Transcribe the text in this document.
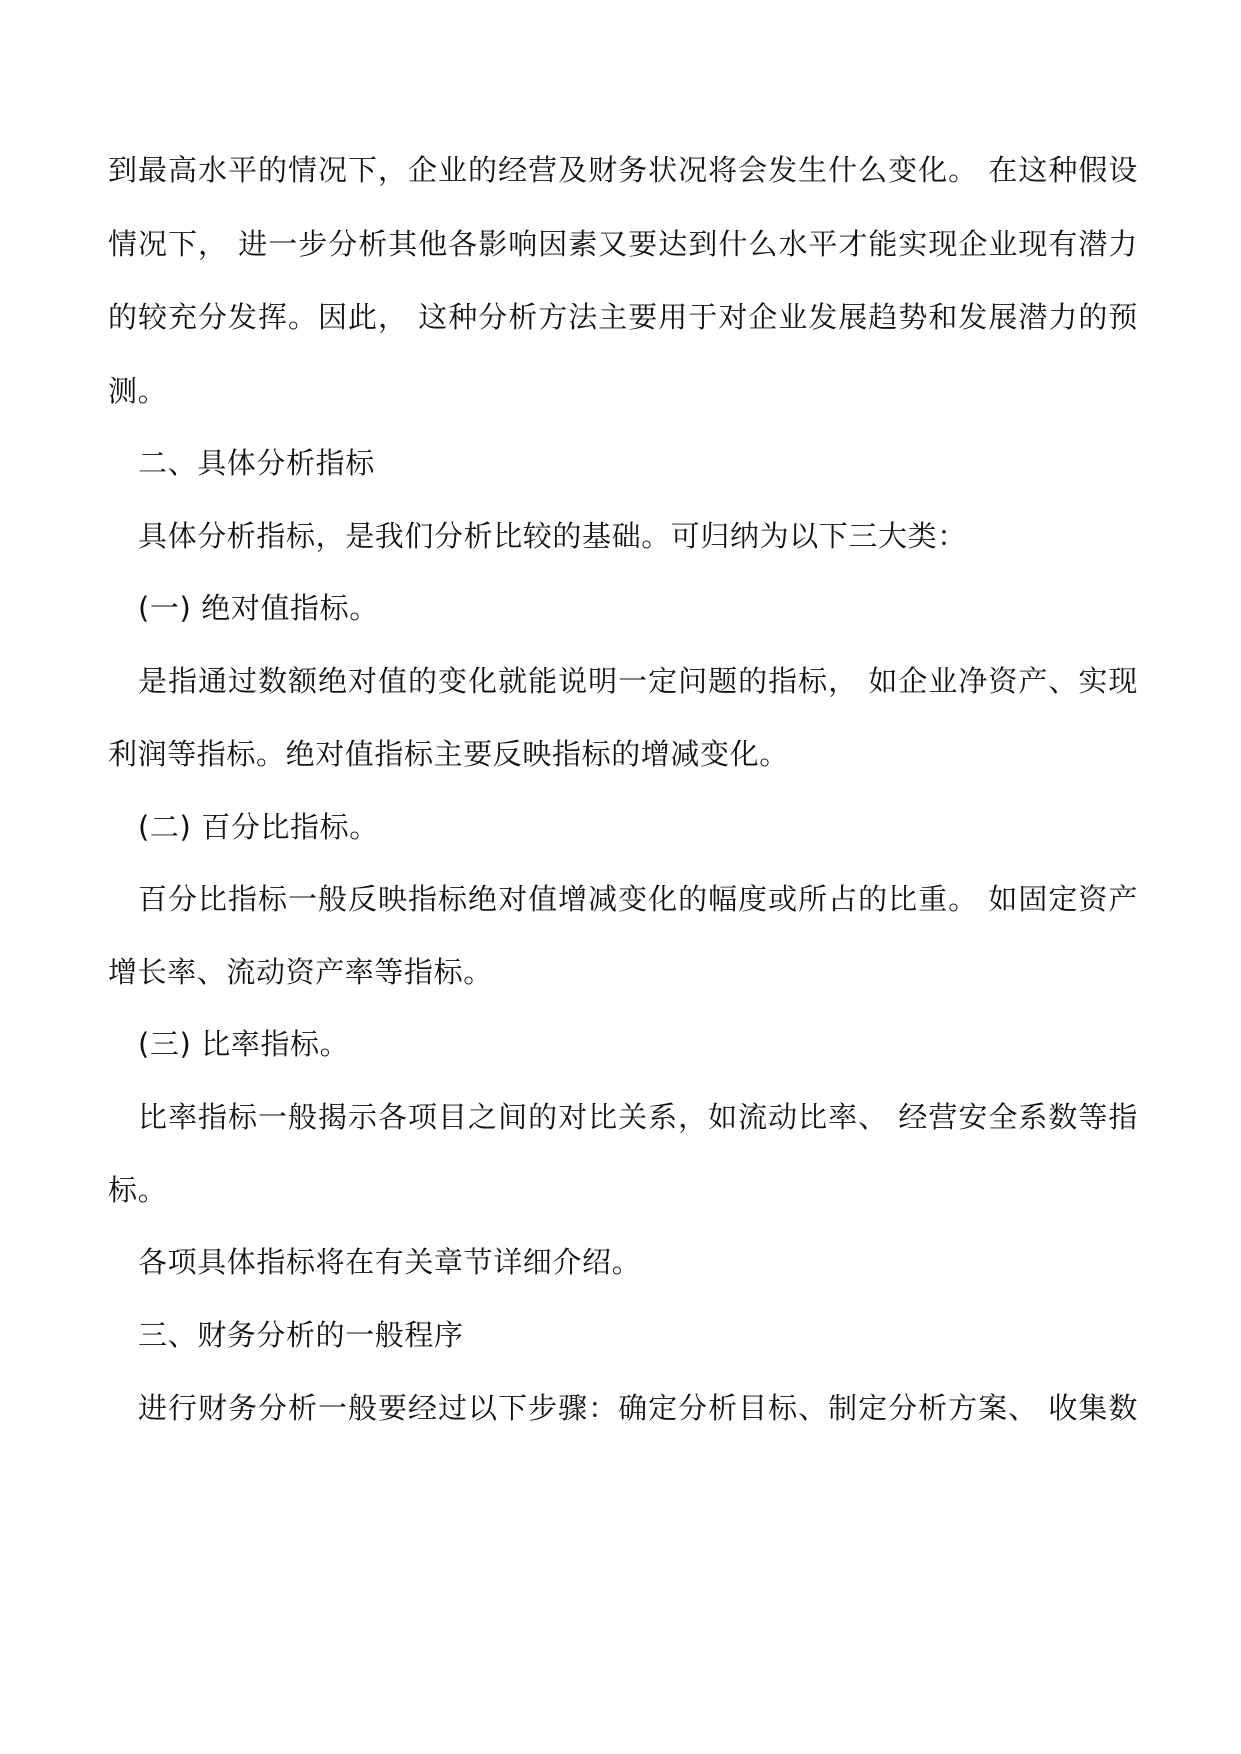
到最高水平的情况下，企业的经营及财务状况将会发生什么变化。 在这种假设
情况下， 进一步分析其他各影响因素又要达到什么水平才能实现企业现有潜力
的较充分发挥。因此， 这种分析方法主要用于对企业发展趋势和发展潜力的预
测。
二、具体分析指标
具体分析指标，是我们分析比较的基础。可归纳为以下三大类：
(一) 绝对值指标。
是指通过数额绝对值的变化就能说明一定问题的指标， 如企业净资产、实现
利润等指标。绝对值指标主要反映指标的增减变化。
(二) 百分比指标。
百分比指标一般反映指标绝对值增减变化的幅度或所占的比重。 如固定资产
增长率、流动资产率等指标。
(三) 比率指标。
比率指标一般揭示各项目之间的对比关系，如流动比率、 经营安全系数等指
标。
各项具体指标将在有关章节详细介绍。
三、财务分析的一般程序
进行财务分析一般要经过以下步骤：确定分析目标、制定分析方案、 收集数
